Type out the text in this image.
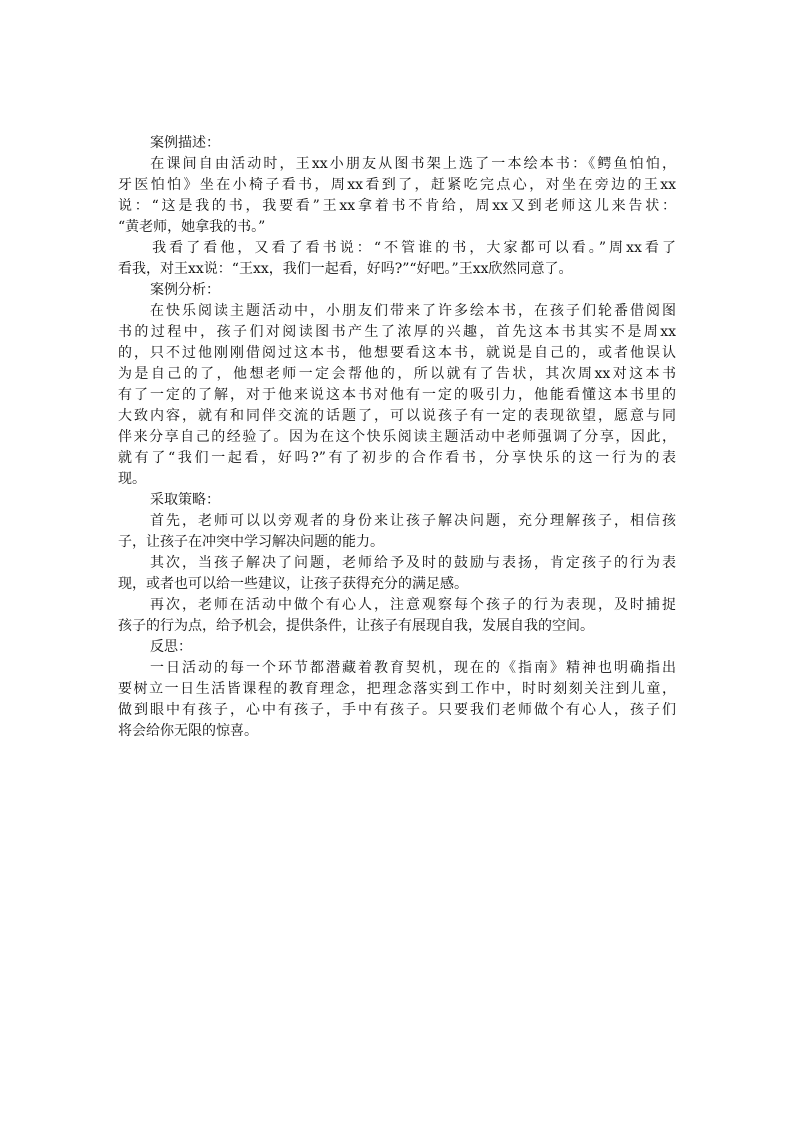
　案例描述：
　　在课间自由活动时，王xx小朋友从图书架上选了一本绘本书：《鳄鱼怕怕，
牙医怕怕》坐在小椅子看书，周xx看到了，赶紧吃完点心，对坐在旁边的王xx
说：“这是我的书，我要看”王xx拿着书不肯给，周xx又到老师这儿来告状：
“黄老师，她拿我的书。”
　　我看了看他，又看了看书说：“不管谁的书，大家都可以看。”周xx看了
看我，对王xx说：“王xx，我们一起看，好吗?”“好吧。”王xx欣然同意了。
　案例分析：
　　在快乐阅读主题活动中，小朋友们带来了许多绘本书，在孩子们轮番借阅图
书的过程中，孩子们对阅读图书产生了浓厚的兴趣，首先这本书其实不是周xx
的，只不过他刚刚借阅过这本书，他想要看这本书，就说是自己的，或者他误认
为是自己的了，他想老师一定会帮他的，所以就有了告状，其次周xx对这本书
有了一定的了解，对于他来说这本书对他有一定的吸引力，他能看懂这本书里的
大致内容，就有和同伴交流的话题了，可以说孩子有一定的表现欲望，愿意与同
伴来分享自己的经验了。因为在这个快乐阅读主题活动中老师强调了分享，因此，
就有了“我们一起看，好吗?”有了初步的合作看书，分享快乐的这一行为的表
现。
　采取策略：
　　首先，老师可以以旁观者的身份来让孩子解决问题，充分理解孩子，相信孩
子，让孩子在冲突中学习解决问题的能力。
　　其次，当孩子解决了问题，老师给予及时的鼓励与表扬，肯定孩子的行为表
现，或者也可以给一些建议，让孩子获得充分的满足感。
　　再次，老师在活动中做个有心人，注意观察每个孩子的行为表现，及时捕捉
孩子的行为点，给予机会，提供条件，让孩子有展现自我，发展自我的空间。
　反思：
　　一日活动的每一个环节都潜藏着教育契机，现在的《指南》精神也明确指出
要树立一日生活皆课程的教育理念，把理念落实到工作中，时时刻刻关注到儿童，
做到眼中有孩子，心中有孩子，手中有孩子。只要我们老师做个有心人，孩子们
将会给你无限的惊喜。
